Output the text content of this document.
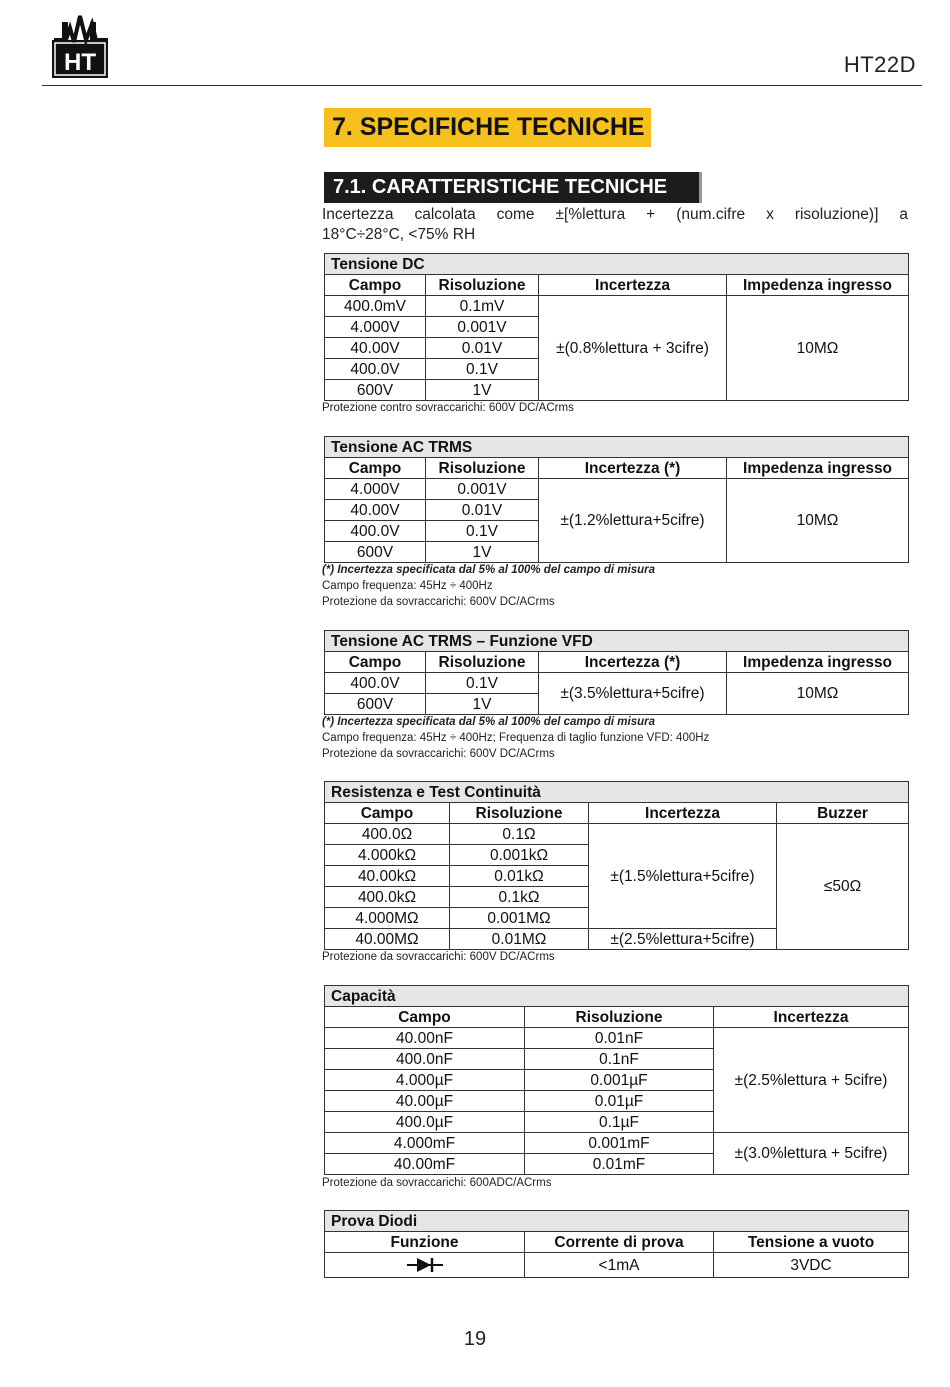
HT	HT22D
7. SPECIFICHE TECNICHE
7.1. CARATTERISTICHE TECNICHE
Incertezza calcolata come ±[%lettura + (num.cifre x risoluzione)] a
18°C÷28°C, <75% RH
Tensione DC			
Campo	Risoluzione	Incertezza	Impedenza ingresso
400.0mV	0.1mV	±(0.8%lettura + 3cifre)	10MΩ
4.000V	0.001V		
40.00V	0.01V		
400.0V	0.1V		
600V	1V		
Protezione contro sovraccarichi: 600V DC/ACrms
Tensione AC TRMS			
Campo	Risoluzione	Incertezza (*)	Impedenza ingresso
4.000V	0.001V	±(1.2%lettura+5cifre)	10MΩ
40.00V	0.01V		
400.0V	0.1V		
600V	1V		
(*) Incertezza specificata dal 5% al 100% del campo di misura
Campo frequenza: 45Hz ÷ 400Hz
Protezione da sovraccarichi: 600V DC/ACrms
Tensione AC TRMS – Funzione VFD			
Campo	Risoluzione	Incertezza (*)	Impedenza ingresso
400.0V	0.1V	±(3.5%lettura+5cifre)	10MΩ
600V	1V		
(*) Incertezza specificata dal 5% al 100% del campo di misura
Campo frequenza: 45Hz ÷ 400Hz; Frequenza di taglio funzione VFD: 400Hz
Protezione da sovraccarichi: 600V DC/ACrms
Resistenza e Test Continuità			
Campo	Risoluzione	Incertezza	Buzzer
400.0Ω	0.1Ω	±(1.5%lettura+5cifre)	≤50Ω
4.000kΩ	0.001kΩ		
40.00kΩ	0.01kΩ		
400.0kΩ	0.1kΩ		
4.000MΩ	0.001MΩ		
40.00MΩ	0.01MΩ	±(2.5%lettura+5cifre)	
Protezione da sovraccarichi: 600V DC/ACrms
Capacità		
Campo	Risoluzione	Incertezza
40.00nF	0.01nF	±(2.5%lettura + 5cifre)
400.0nF	0.1nF	
4.000µF	0.001µF	
40.00µF	0.01µF	
400.0µF	0.1µF	
4.000mF	0.001mF	±(3.0%lettura + 5cifre)
40.00mF	0.01mF	
Protezione da sovraccarichi: 600ADC/ACrms
Prova Diodi		
Funzione	Corrente di prova	Tensione a vuoto
	<1mA	3VDC
19
